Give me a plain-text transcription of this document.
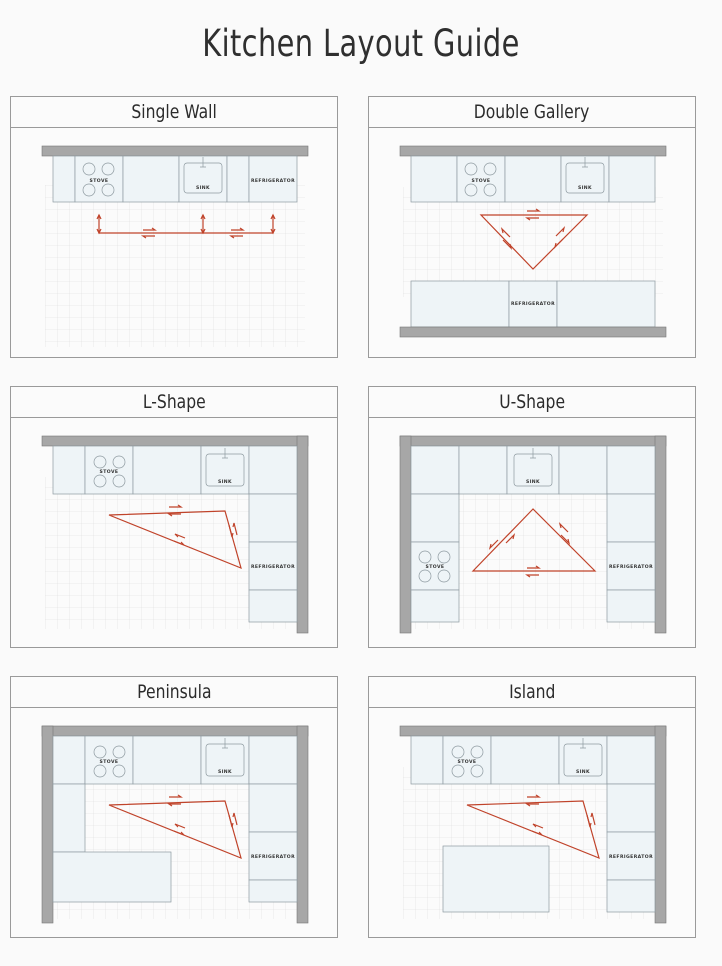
Kitchen Layout Guide
Single Wall
STOVE
SINK
REFRIGERATOR
Double Gallery
STOVE
SINK
REFRIGERATOR
L-Shape
STOVE
SINK
REFRIGERATOR
U-Shape
SINK
STOVE	REFRIGERATOR
Peninsula
STOVE
SINK
REFRIGERATOR
Island
STOVE
SINK
REFRIGERATOR
